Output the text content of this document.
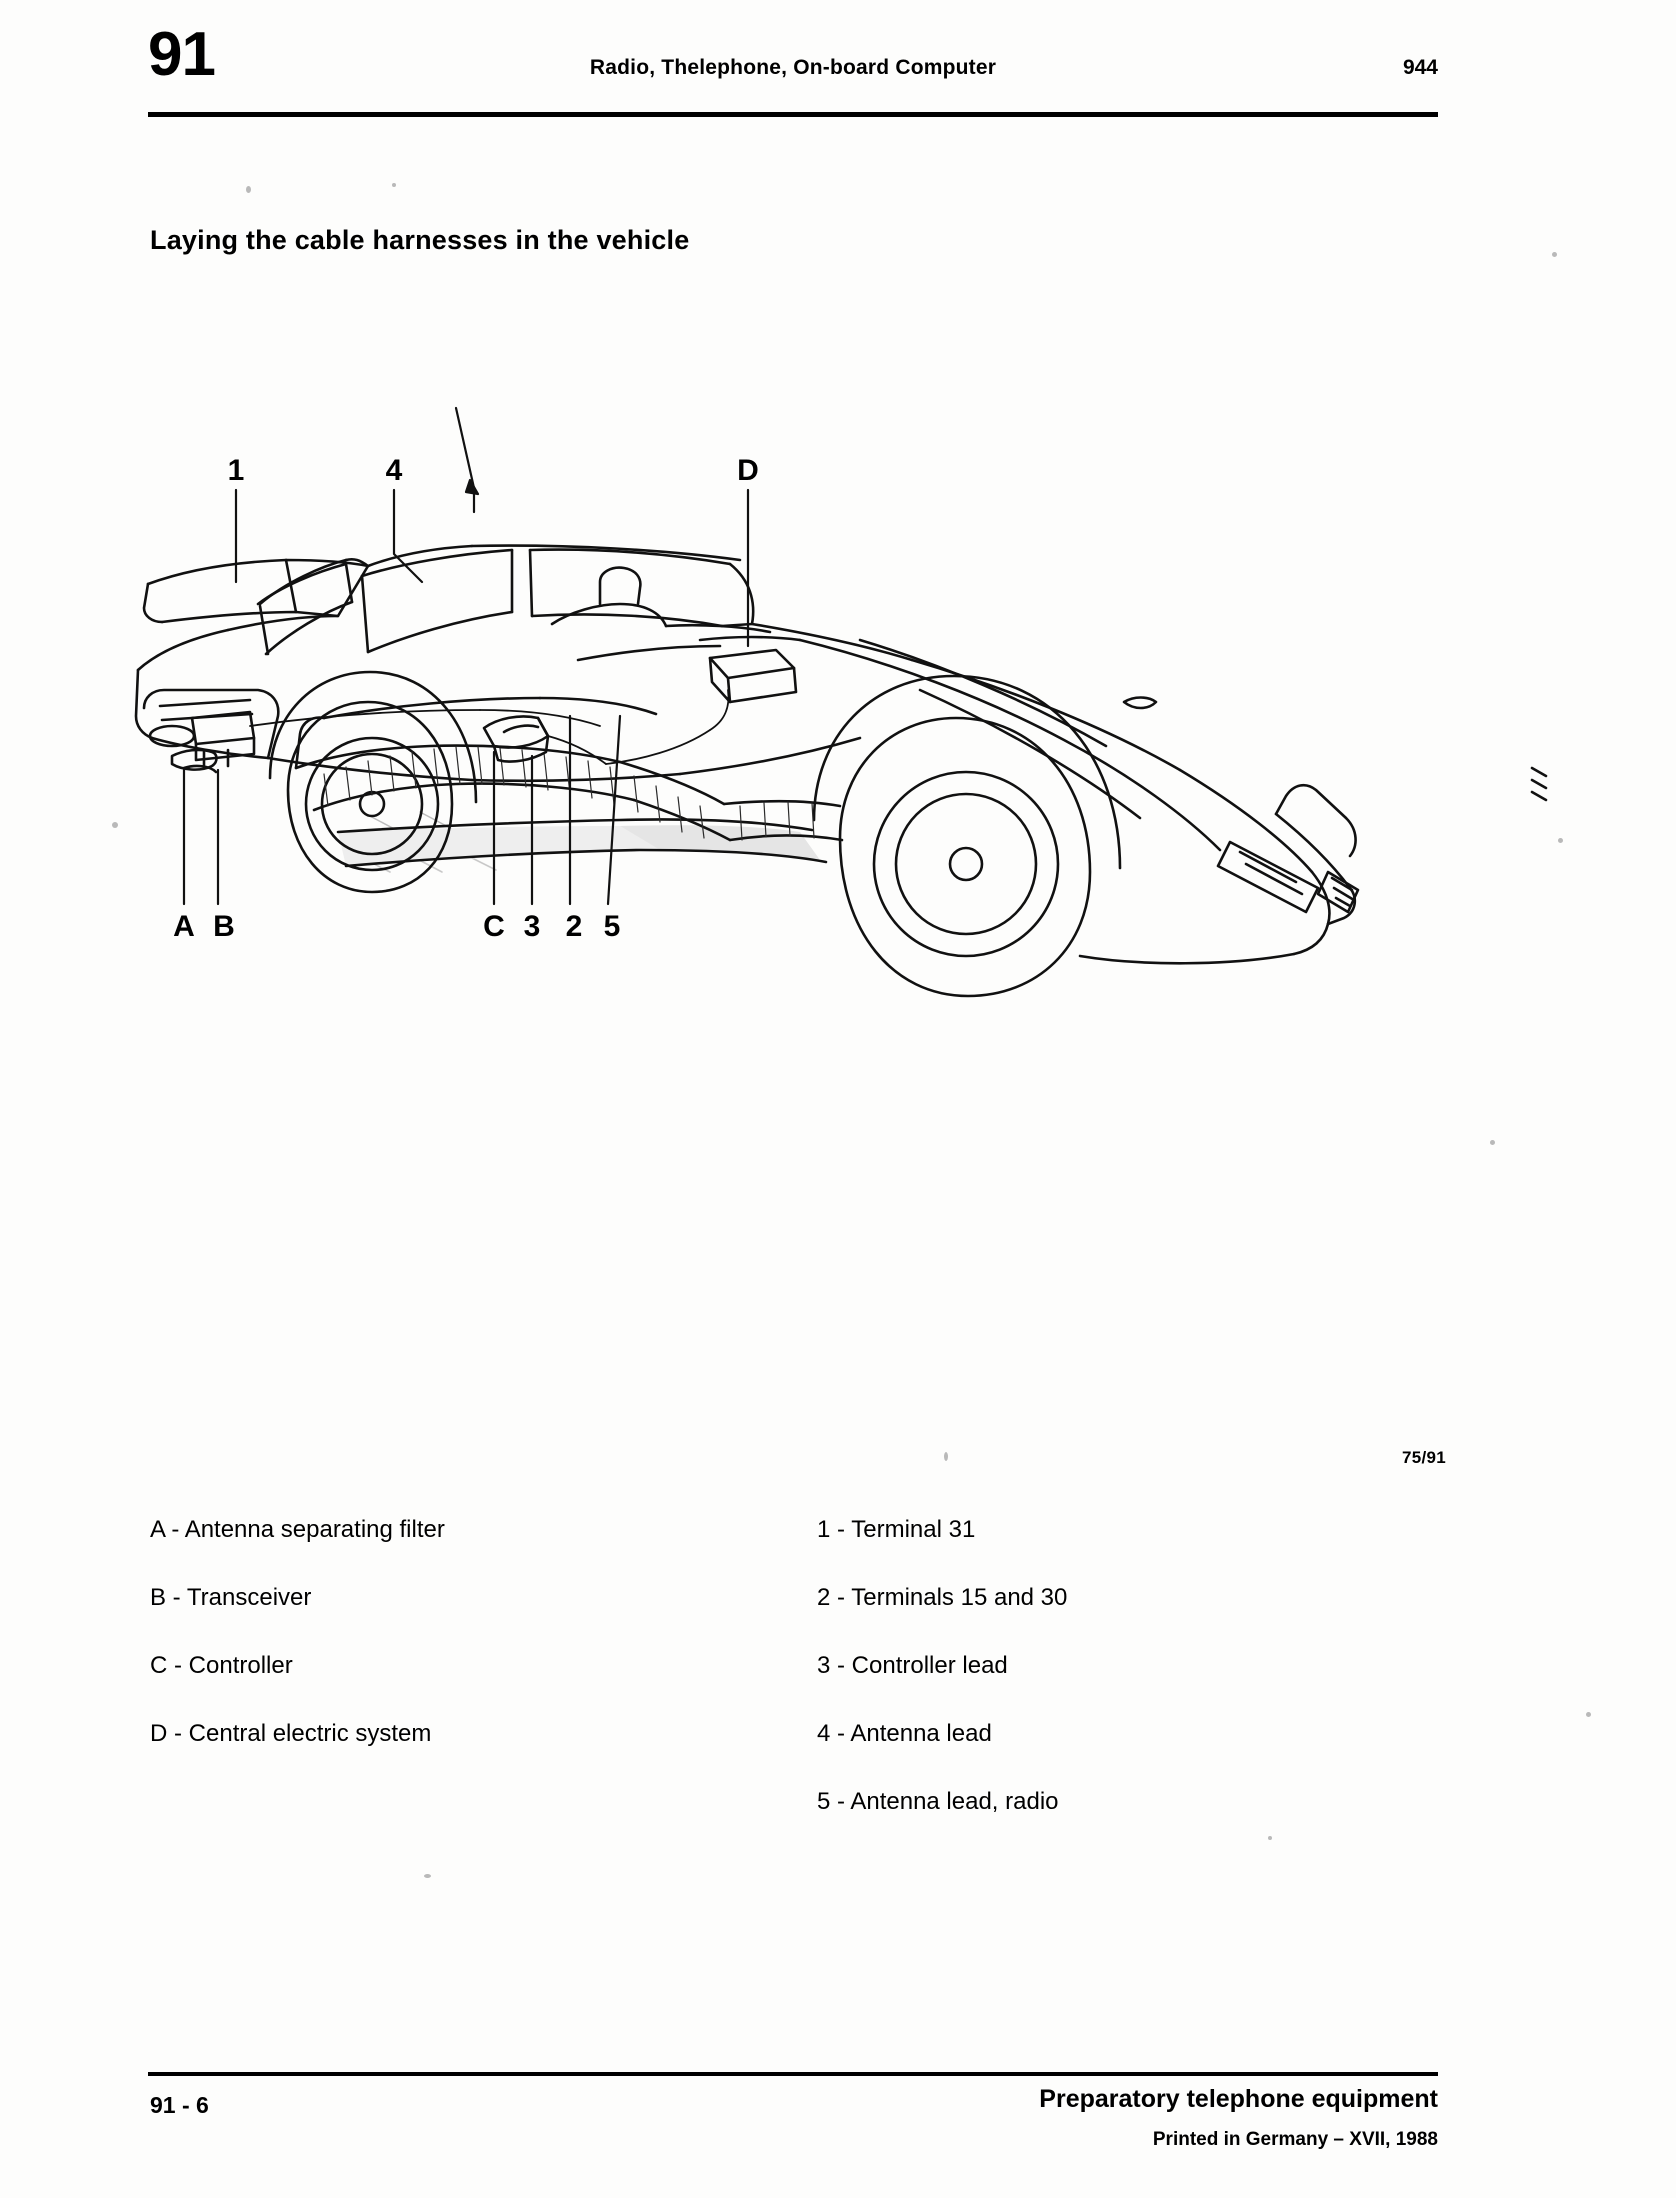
91	Radio, Thelephone, On-board Computer	944
Laying the cable harnesses in the vehicle
1	4	D
A B	C 3 2 5
75/91
A - Antenna separating filter
B - Transceiver
C - Controller
D - Central electric system
1 - Terminal 31
2 - Terminals 15 and 30
3 - Controller lead
4 - Antenna lead
5 - Antenna lead, radio
91 - 6	Preparatory telephone equipment
Printed in Germany – XVII, 1988
